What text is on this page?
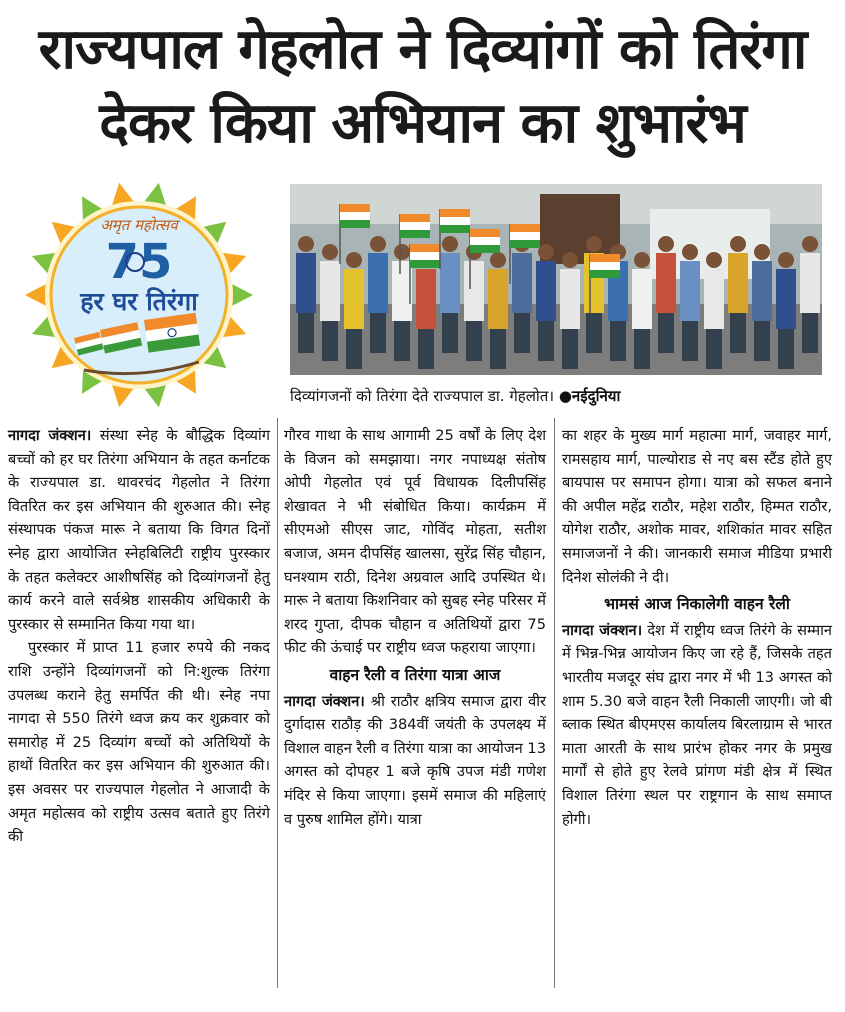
राज्यपाल गेहलोत ने दिव्यांगों को तिरंगा
देकर किया अभियान का शुभारंभ
अमृत महोत्सव
75
हर घर तिरंगा
दिव्यांगजनों को तिरंगा देते राज्यपाल डा. गेहलोत। ●नईदुनिया

नागदा जंक्शन। संस्था स्नेह के बौद्धिक दिव्यांग बच्चों को हर घर तिरंगा अभियान के तहत कर्नाटक के राज्यपाल डा. थावरचंद गेहलोत ने तिरंगा वितरित कर इस अभियान की शुरुआत की। स्नेह संस्थापक पंकज मारू ने बताया कि विगत दिनों स्नेह द्वारा आयोजित स्नेहबिलिटी राष्ट्रीय पुरस्कार के तहत कलेक्टर आशीषसिंह को दिव्यांगजनों हेतु कार्य करने वाले सर्वश्रेष्ठ शासकीय अधिकारी के पुरस्कार से सम्मानित किया गया था।

पुरस्कार में प्राप्त 11 हजार रुपये की नकद राशि उन्होंने दिव्यांगजनों को नि:शुल्क तिरंगा उपलब्ध कराने हेतु समर्पित की थी। स्नेह नपा नागदा से 550 तिरंगे ध्वज क्रय कर शुक्रवार को समारोह में 25 दिव्यांग बच्चों को अतिथियों के हाथों वितरित कर इस अभियान की शुरुआत की। इस अवसर पर राज्यपाल गेहलोत ने आजादी के अमृत महोत्सव को राष्ट्रीय उत्सव बताते हुए तिरंगे की

गौरव गाथा के साथ आगामी 25 वर्षों के लिए देश के विजन को समझाया। नगर नपाध्यक्ष संतोष ओपी गेहलोत एवं पूर्व विधायक दिलीपसिंह शेखावत ने भी संबोधित किया। कार्यक्रम में सीएमओ सीएस जाट, गोविंद मोहता, सतीश बजाज, अमन दीपसिंह खालसा, सुरेंद्र सिंह चौहान, घनश्याम राठी, दिनेश अग्रवाल आदि उपस्थित थे। मारू ने बताया किशनिवार को सुबह स्नेह परिसर में शरद गुप्ता, दीपक चौहान व अतिथियों द्वारा 75 फीट की ऊंचाई पर राष्ट्रीय ध्वज फहराया जाएगा।

वाहन रैली व तिरंगा यात्रा आज

नागदा जंक्शन। श्री राठौर क्षत्रिय समाज द्वारा वीर दुर्गादास राठौड़ की 384वीं जयंती के उपलक्ष्य में विशाल वाहन रैली व तिरंगा यात्रा का आयोजन 13 अगस्त को दोपहर 1 बजे कृषि उपज मंडी गणेश मंदिर से किया जाएगा। इसमें समाज की महिलाएं व पुरुष शामिल होंगे। यात्रा

का शहर के मुख्य मार्ग महात्मा मार्ग, जवाहर मार्ग, रामसहाय मार्ग, पाल्योराड से नए बस स्टैंड होते हुए बायपास पर समापन होगा। यात्रा को सफल बनाने की अपील महेंद्र राठौर, महेश राठौर, हिम्मत राठौर, योगेश राठौर, अशोक मावर, शशिकांत मावर सहित समाजजनों ने की। जानकारी समाज मीडिया प्रभारी दिनेश सोलंकी ने दी।

भामसं आज निकालेगी वाहन रैली

नागदा जंक्शन। देश में राष्ट्रीय ध्वज तिरंगे के सम्मान में भिन्न-भिन्न आयोजन किए जा रहे हैं, जिसके तहत भारतीय मजदूर संघ द्वारा नगर में भी 13 अगस्त को शाम 5.30 बजे वाहन रैली निकाली जाएगी। जो बी ब्लाक स्थित बीएमएस कार्यालय बिरलाग्राम से भारत माता आरती के साथ प्रारंभ होकर नगर के प्रमुख मार्गों से होते हुए रेलवे प्रांगण मंडी क्षेत्र में स्थित विशाल तिरंगा स्थल पर राष्ट्रगान के साथ समाप्त होगी।
